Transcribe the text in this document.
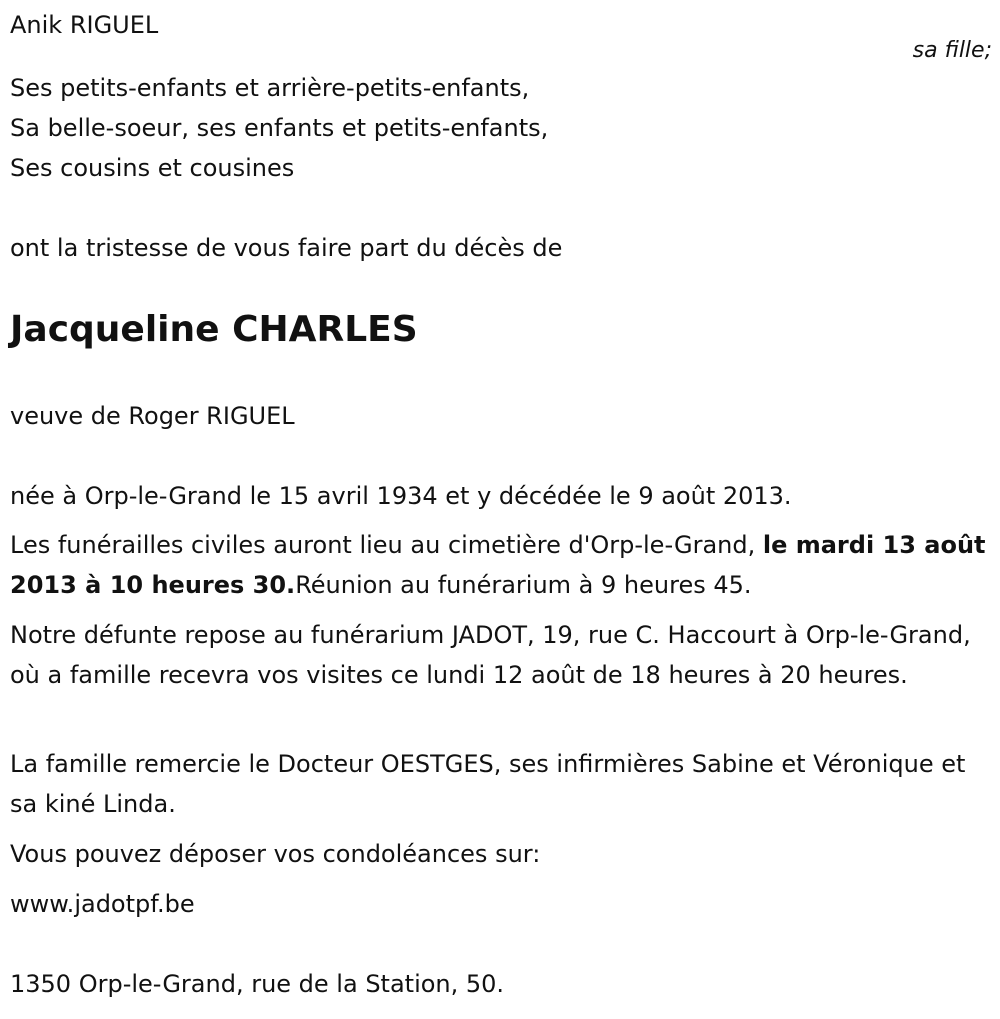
Anik RIGUEL
Ses petits-enfants et arrière-petits-enfants,
Sa belle-soeur, ses enfants et petits-enfants,
Ses cousins et cousines
ont la tristesse de vous faire part du décès de
Jacqueline CHARLES
veuve de Roger RIGUEL
née à Orp-le-Grand le 15 avril 1934 et y décédée le 9 août 2013.
Les funérailles civiles auront lieu au cimetière d'Orp-le-Grand, le mardi 13 août 2013 à 10 heures 30.Réunion au funérarium à 9 heures 45.
Notre défunte repose au funérarium JADOT, 19, rue C. Haccourt à Orp-le-Grand, où a famille recevra vos visites ce lundi 12 août de 18 heures à 20 heures.
La famille remercie le Docteur OESTGES, ses infirmières Sabine et Véronique et sa kiné Linda.
Vous pouvez déposer vos condoléances sur:
www.jadotpf.be
1350 Orp-le-Grand, rue de la Station, 50.
sa fille;
